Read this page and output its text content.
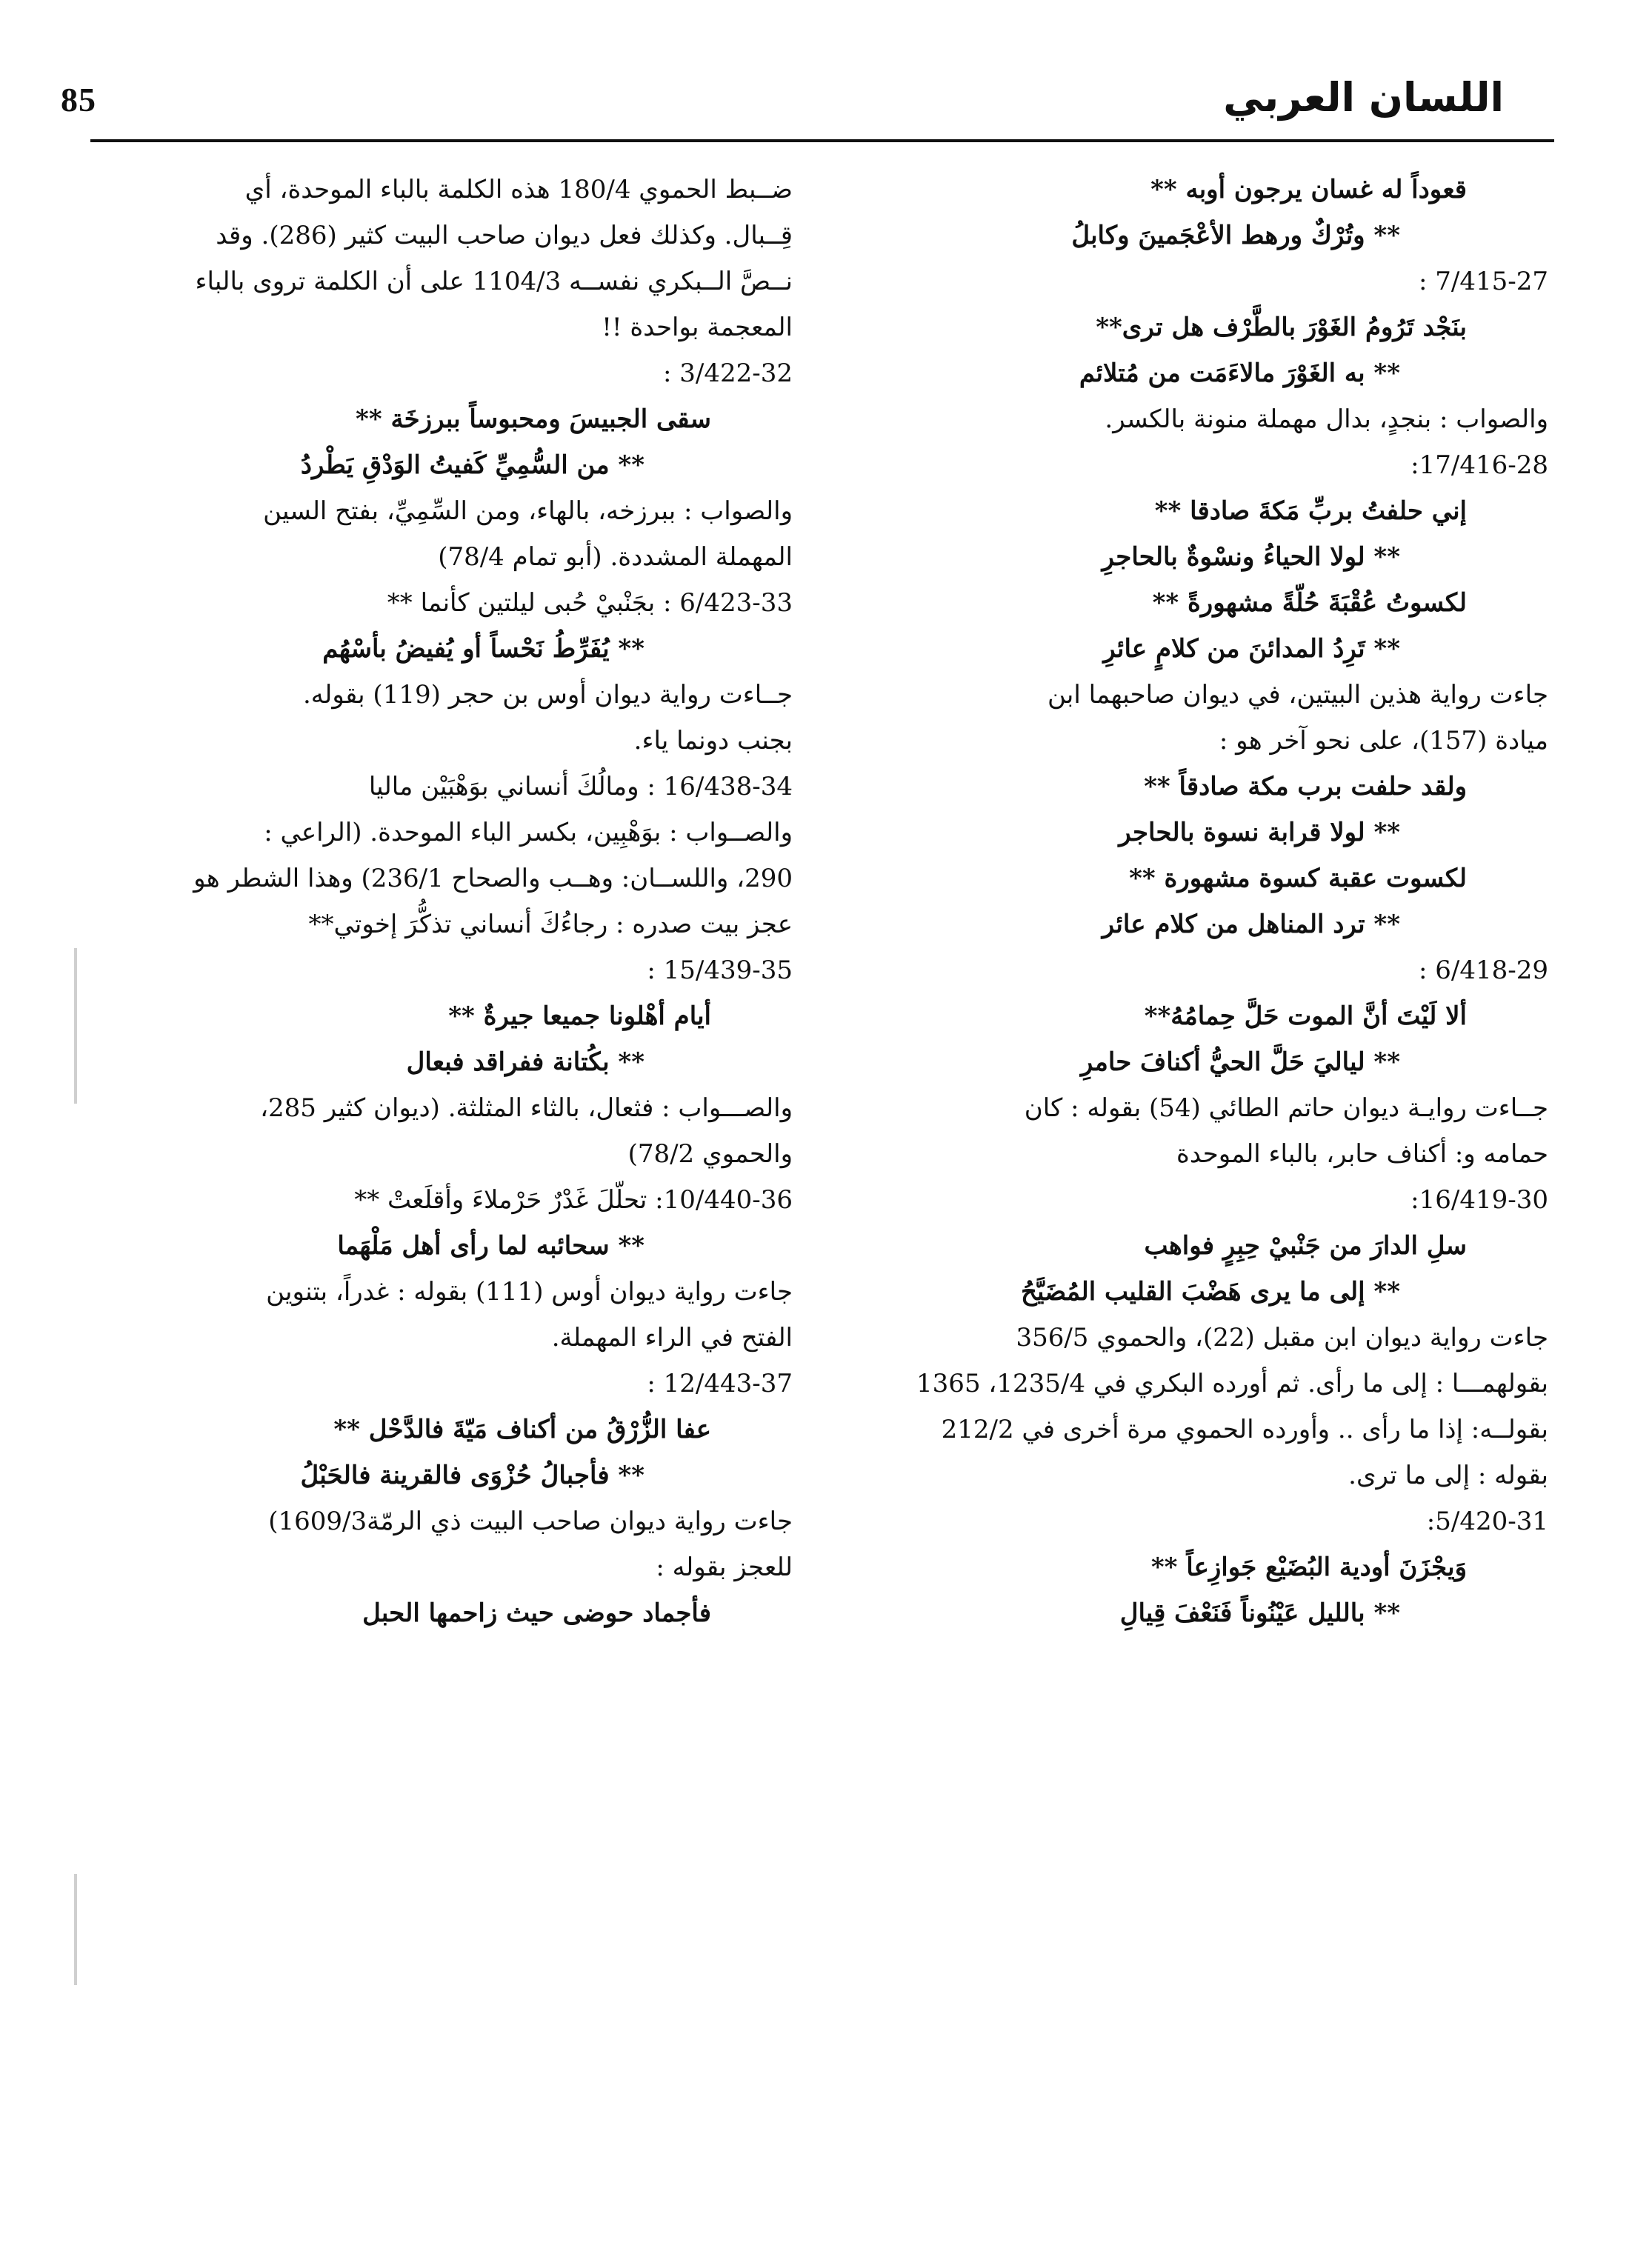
85	اللسان العربي
قعوداً له غسان يرجون أوبه **
** وتُرْكٌ ورهط الأعْجَمينَ وكابلُ
7/415-27 :
بنَجْد تَرُومُ الغَوْرَ بالطَّرْف هل ترى**
** به الغَوْرَ مالاءَمَت من مُتلائم
والصواب : بنجدٍ، بدال مهملة منونة بالكسر.
17/416-28:
إني حلفتُ بربِّ مَكةَ صادقا **
** لولا الحياءُ ونسْوةٌ بالحاجرِ
لكسوتُ عُقْبَةَ حُلّةً مشهورةً **
** تَرِدُ المدائنَ من كلامٍ عائرِ
جاءت رواية هذين البيتين، في ديوان صاحبهما ابن
ميادة (157)، على نحو آخر هو :
ولقد حلفت برب مكة صادقاً **
** لولا قرابة نسوة بالحاجر
لكسوت عقبة كسوة مشهورة **
** ترد المناهل من كلام عائر
6/418-29 :
ألا لَيْتَ أنَّ الموت حَلَّ حِمامُهُ**
** لياليَ حَلَّ الحيُّ أكنافَ حامرِ
جــاءت روايـة ديوان حاتم الطائي (54) بقوله : كان
حمامه و: أكناف حابر، بالباء الموحدة
16/419-30:
سلِ الدارَ من جَنْبيْ حِبِرٍ فواهب
** إلى ما يرى هَضْبَ القليب المُضَيَّحُ
جاءت رواية ديوان ابن مقبل (22)، والحموي 356/5
بقولهمـــا : إلى ما رأى. ثم أورده البكري في 1235/4، 1365
بقولــه: إذا ما رأى .. وأورده الحموي مرة أخرى في 212/2
بقوله : إلى ما ترى.
5/420-31:
وَيجْزَنَ أودية البُضَيْع جَوازِعاً **
** بالليل عَيْنُوناً فَنَعْفَ قِيالِ
ضــبط الحموي 180/4 هذه الكلمة بالباء الموحدة، أي
قِــبال. وكذلك فعل ديوان صاحب البيت كثير (286). وقد
نــصَّ الــبكري نفســه 1104/3 على أن الكلمة تروى بالباء
المعجمة بواحدة !!
3/422-32 :
سقى الجبيسَ ومحبوساً ببرزخَة **
** من السُّمِيِّ كَفيتُ الوَدْقِ يَطْردُ
والصواب : ببرزخه، بالهاء، ومن السِّمِيِّ، بفتح السين
المهملة المشددة. (أبو تمام 78/4)
6/423-33 : بجَنْبيْ حُبى ليلتين كأنما **
** يُفَرِّطُ نَحْساً أو يُفيضُ بأسْهُم
جــاءت رواية ديوان أوس بن حجر (119) بقوله.
بجنب دونما ياء.
16/438-34 : ومالُكَ أنساني بوَهْبَيْن ماليا
والصــواب : بوَهْبِين، بكسر الباء الموحدة. (الراعي :
290، واللســان: وهــب والصحاح 236/1) وهذا الشطر هو
عجز بيت صدره : رجاءُكَ أنساني تذكُّرَ إخوتي**
15/439-35 :
أيام أهْلونا جميعا جيرةٌ **
** بكُتانة ففراقد فبعال
والصـــواب : فثعال، بالثاء المثلثة. (ديوان كثير 285،
والحموي 78/2)
10/440-36: تحلّلَ غَدْرٌ حَرْملاءَ وأقلَعتْ **
** سحائبه لما رأى أهل مَلْهَما
جاءت رواية ديوان أوس (111) بقوله : غدراً، بتنوين
الفتح في الراء المهملة.
12/443-37 :
عفا الزُّرْقُ من أكناف مَيّةَ فالدَّحْل **
** فأجبالُ حُزْوَى فالقرينة فالحَبْلُ
جاءت رواية ديوان صاحب البيت ذي الرمّة1609/3)
للعجز بقوله :
فأجماد حوضى حيث زاحمها الحبل
